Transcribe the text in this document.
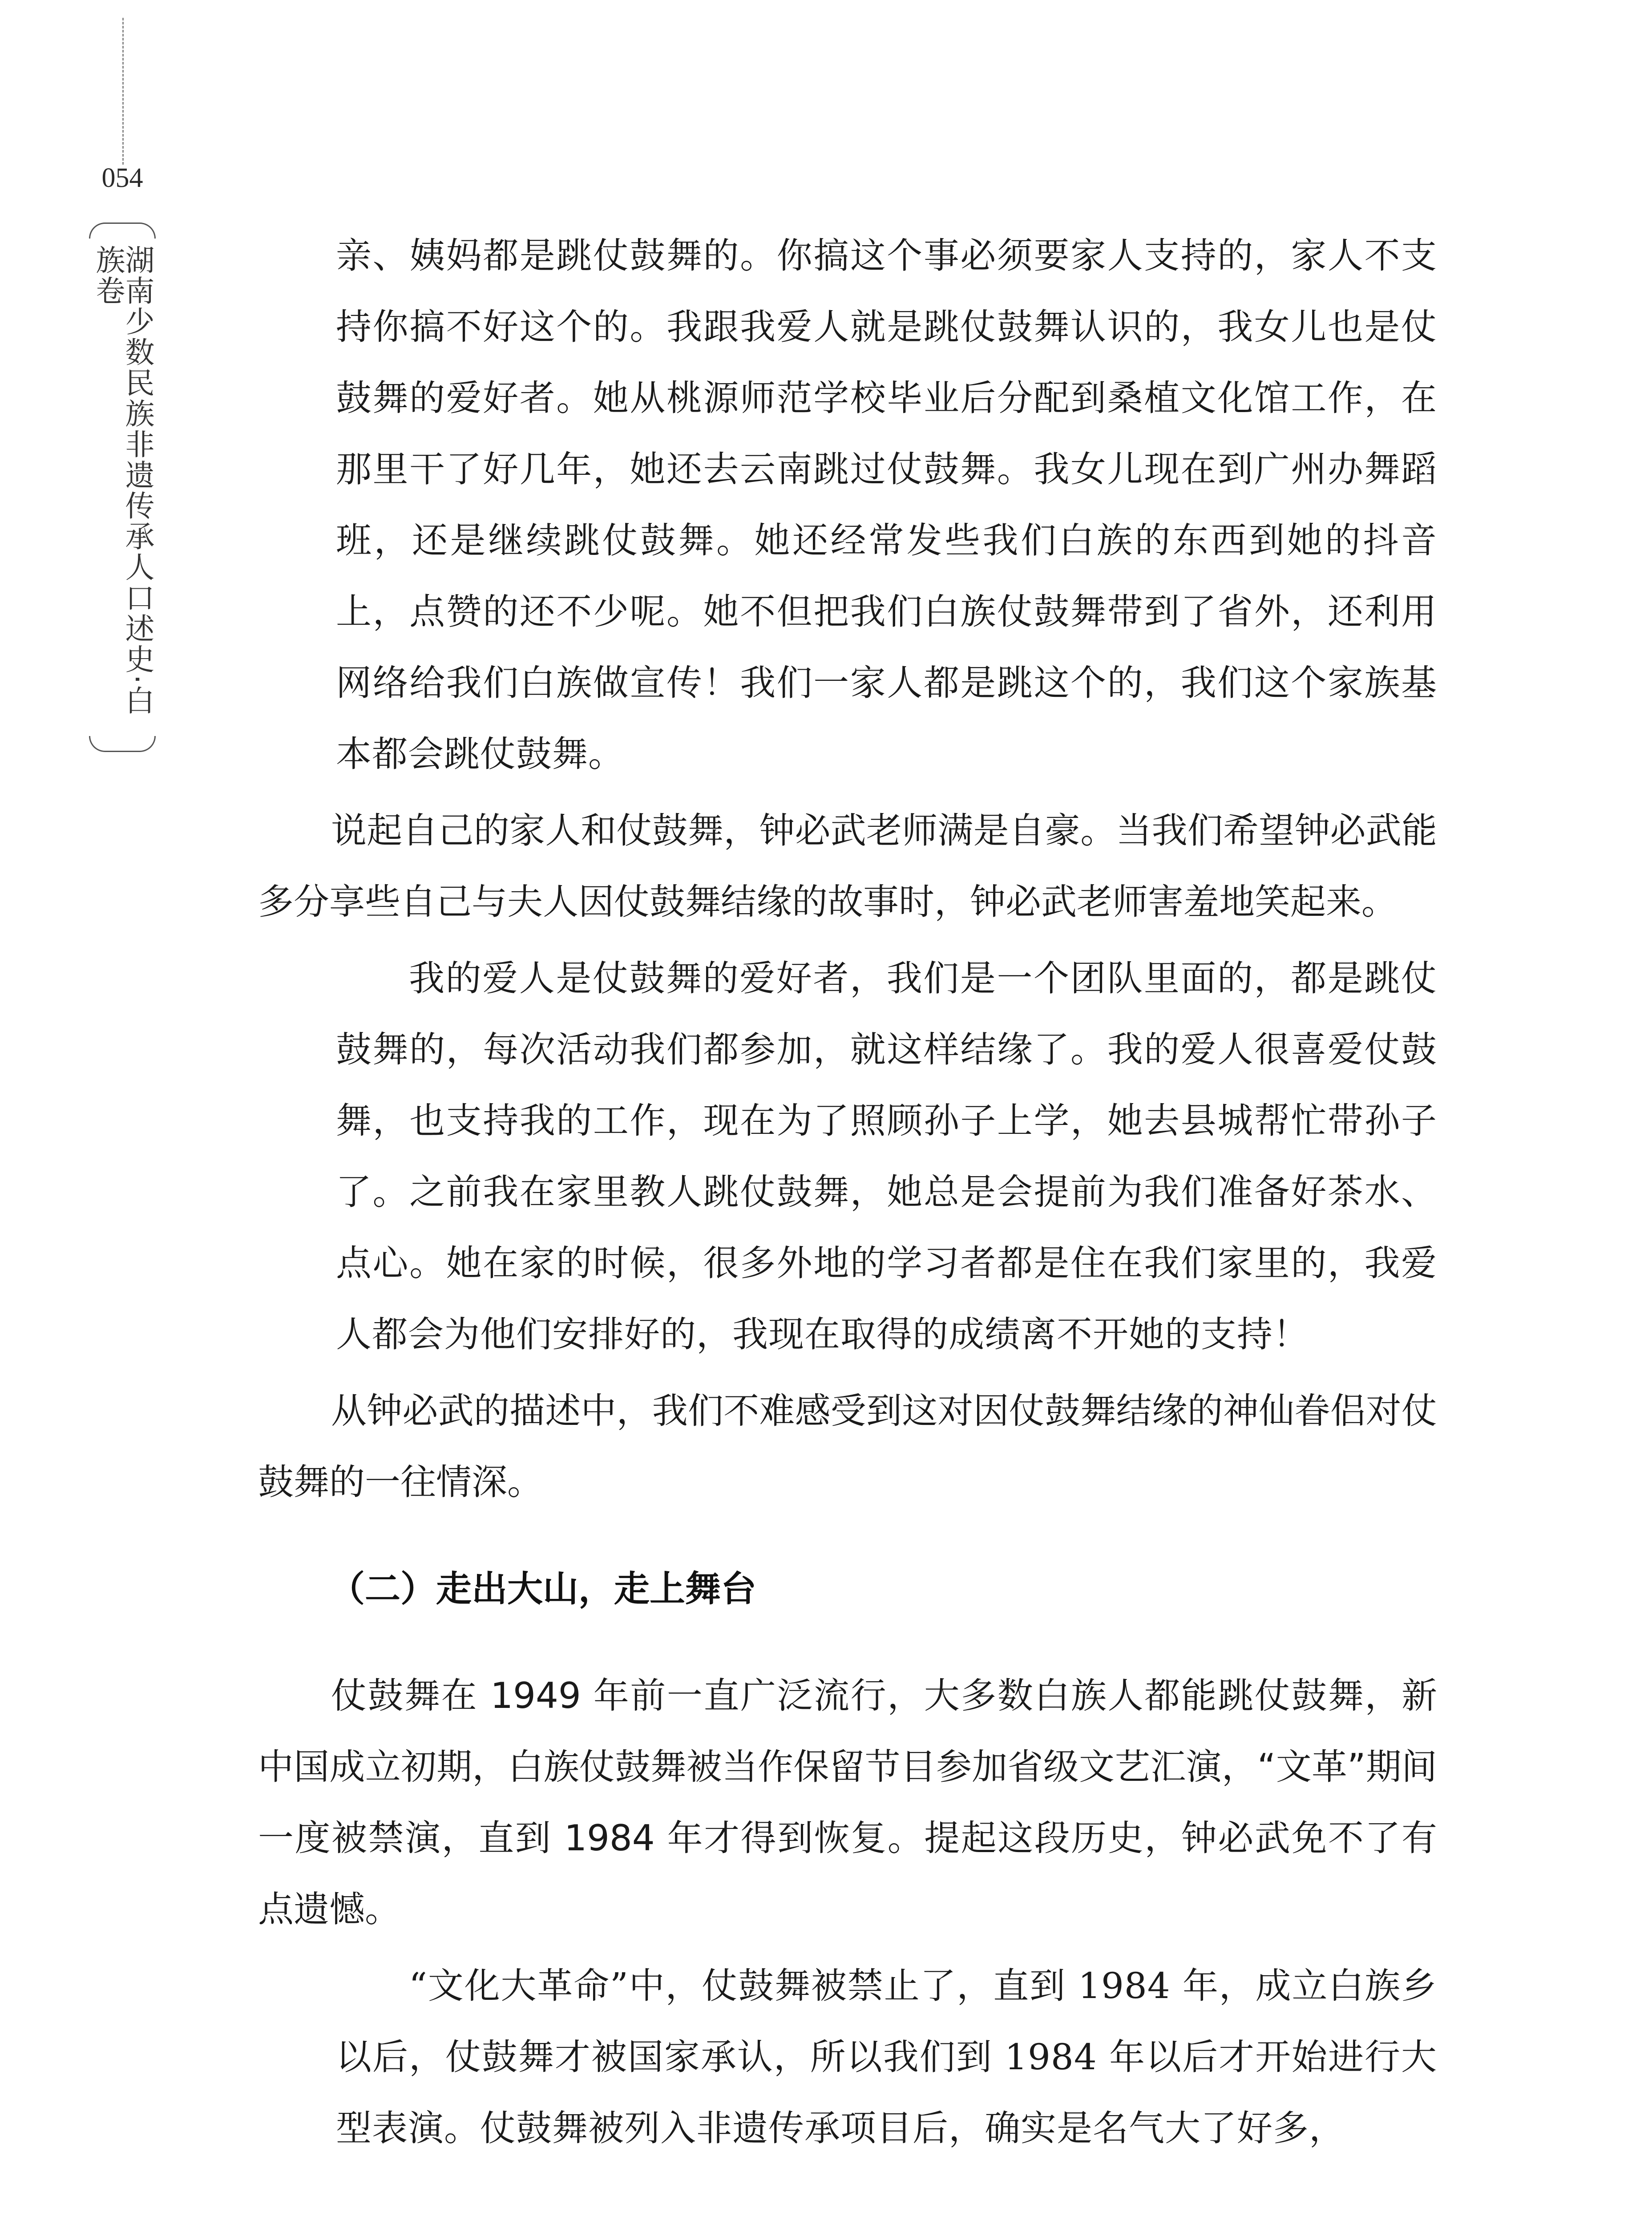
054
湖南少数民族非遗传承人口述史·白族卷	亲、姨妈都是跳仗鼓舞的。你搞这个事必须要家人支持的，家人不支持你搞不好这个的。我跟我爱人就是跳仗鼓舞认识的，我女儿也是仗鼓舞的爱好者。她从桃源师范学校毕业后分配到桑植文化馆工作，在那里干了好几年，她还去云南跳过仗鼓舞。我女儿现在到广州办舞蹈班，还是继续跳仗鼓舞。她还经常发些我们白族的东西到她的抖音上，点赞的还不少呢。她不但把我们白族仗鼓舞带到了省外，还利用网络给我们白族做宣传！我们一家人都是跳这个的，我们这个家族基本都会跳仗鼓舞。

说起自己的家人和仗鼓舞，钟必武老师满是自豪。当我们希望钟必武能多分享些自己与夫人因仗鼓舞结缘的故事时，钟必武老师害羞地笑起来。

我的爱人是仗鼓舞的爱好者，我们是一个团队里面的，都是跳仗鼓舞的，每次活动我们都参加，就这样结缘了。我的爱人很喜爱仗鼓舞，也支持我的工作，现在为了照顾孙子上学，她去县城帮忙带孙子了。之前我在家里教人跳仗鼓舞，她总是会提前为我们准备好茶水、点心。她在家的时候，很多外地的学习者都是住在我们家里的，我爱人都会为他们安排好的，我现在取得的成绩离不开她的支持！

从钟必武的描述中，我们不难感受到这对因仗鼓舞结缘的神仙眷侣对仗鼓舞的一往情深。

（二）走出大山，走上舞台

仗鼓舞在 1949 年前一直广泛流行，大多数白族人都能跳仗鼓舞，新中国成立初期，白族仗鼓舞被当作保留节目参加省级文艺汇演，“文革”期间一度被禁演，直到 1984 年才得到恢复。提起这段历史，钟必武免不了有点遗憾。

“文化大革命”中，仗鼓舞被禁止了，直到 1984 年，成立白族乡以后，仗鼓舞才被国家承认，所以我们到 1984 年以后才开始进行大型表演。仗鼓舞被列入非遗传承项目后，确实是名气大了好多，
